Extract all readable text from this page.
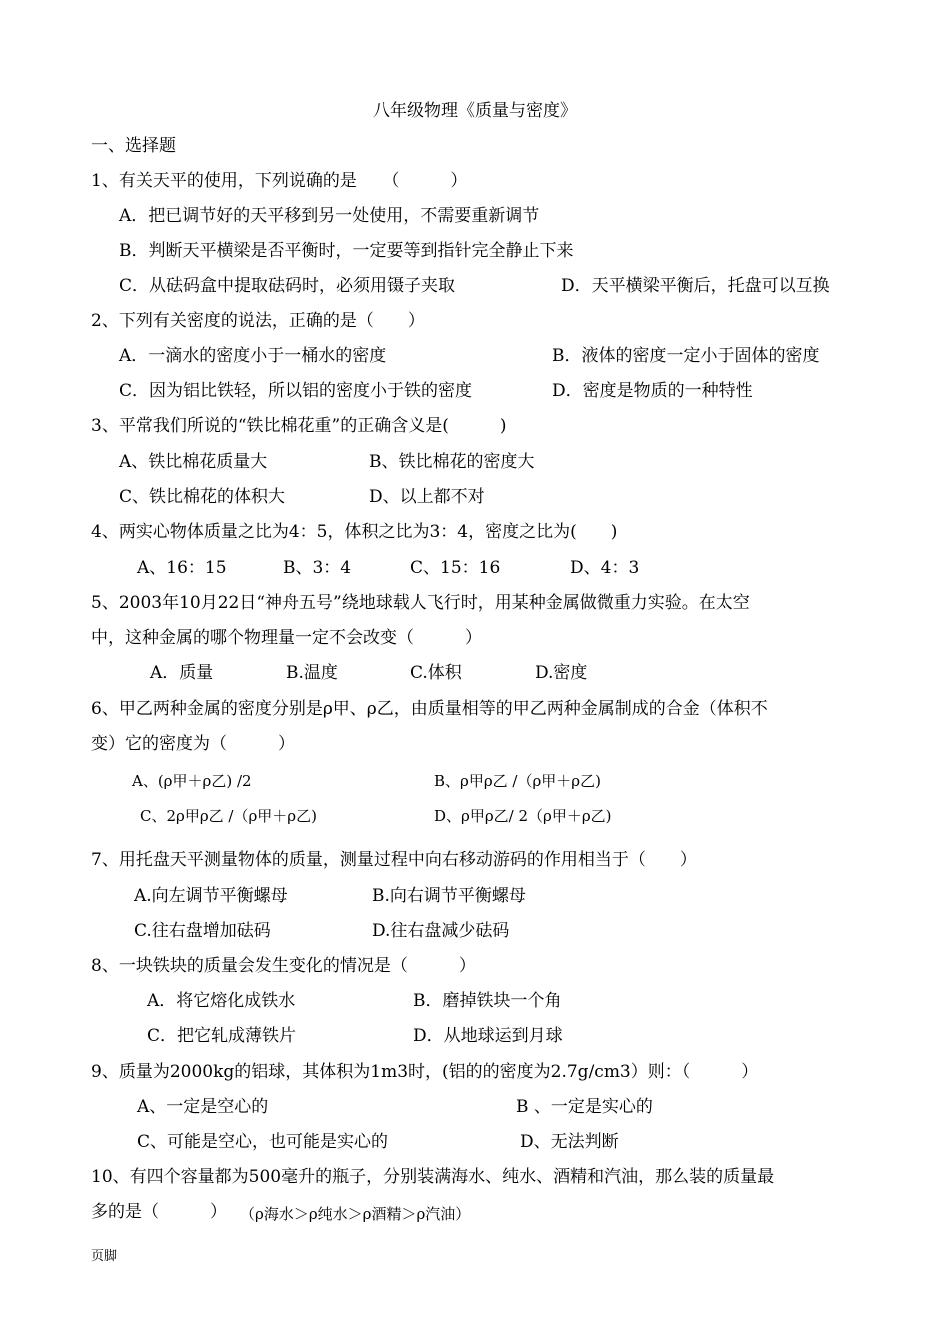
八年级物理《质量与密度》
一、选择题
1、有关天平的使用，下列说确的是　　（　　　）
A．把已调节好的天平移到另一处使用，不需要重新调节
B．判断天平横梁是否平衡时，一定要等到指针完全静止下来
C．从砝码盒中提取砝码时，必须用镊子夹取	D．天平横梁平衡后，托盘可以互换
2、下列有关密度的说法，正确的是（　　）
A．一滴水的密度小于一桶水的密度	B．液体的密度一定小于固体的密度
C．因为铝比铁轻，所以铝的密度小于铁的密度	D．密度是物质的一种特性
3、平常我们所说的“铁比棉花重”的正确含义是(　　　)
A、铁比棉花质量大	B、铁比棉花的密度大
C、铁比棉花的体积大	D、以上都不对
4、两实心物体质量之比为4：5，体积之比为3：4，密度之比为(　　)
A、16：15	B、3：4	C、15：16	D、4：3
5、2003年10月22日“神舟五号”绕地球载人飞行时，用某种金属做微重力实验。在太空
中，这种金属的哪个物理量一定不会改变（　　　）
A．质量	B.温度	C.体积	D.密度
6、甲乙两种金属的密度分别是ρ甲、ρ乙，由质量相等的甲乙两种金属制成的合金（体积不
变）它的密度为（　　　）
A、(ρ甲＋ρ乙) /2	B、ρ甲ρ乙 /（ρ甲＋ρ乙)
C、2ρ甲ρ乙 /（ρ甲＋ρ乙)	D、ρ甲ρ乙/ 2（ρ甲＋ρ乙)
7、用托盘天平测量物体的质量，测量过程中向右移动游码的作用相当于（　　）
A.向左调节平衡螺母	B.向右调节平衡螺母
C.往右盘增加砝码	D.往右盘减少砝码
8、一块铁块的质量会发生变化的情况是（　　　）
A．将它熔化成铁水	B．磨掉铁块一个角
C．把它轧成薄铁片	D．从地球运到月球
9、质量为2000kg的铝球，其体积为1m3时，(铝的的密度为2.7g/cm3）则：（　　　）
A、一定是空心的	B 、一定是实心的
C、可能是空心，也可能是实心的	D、无法判断
10、有四个容量都为500毫升的瓶子，分别装满海水、纯水、酒精和汽油，那么装的质量最
多的是（　　　） （ρ海水＞ρ纯水＞ρ酒精＞ρ汽油）
页脚
